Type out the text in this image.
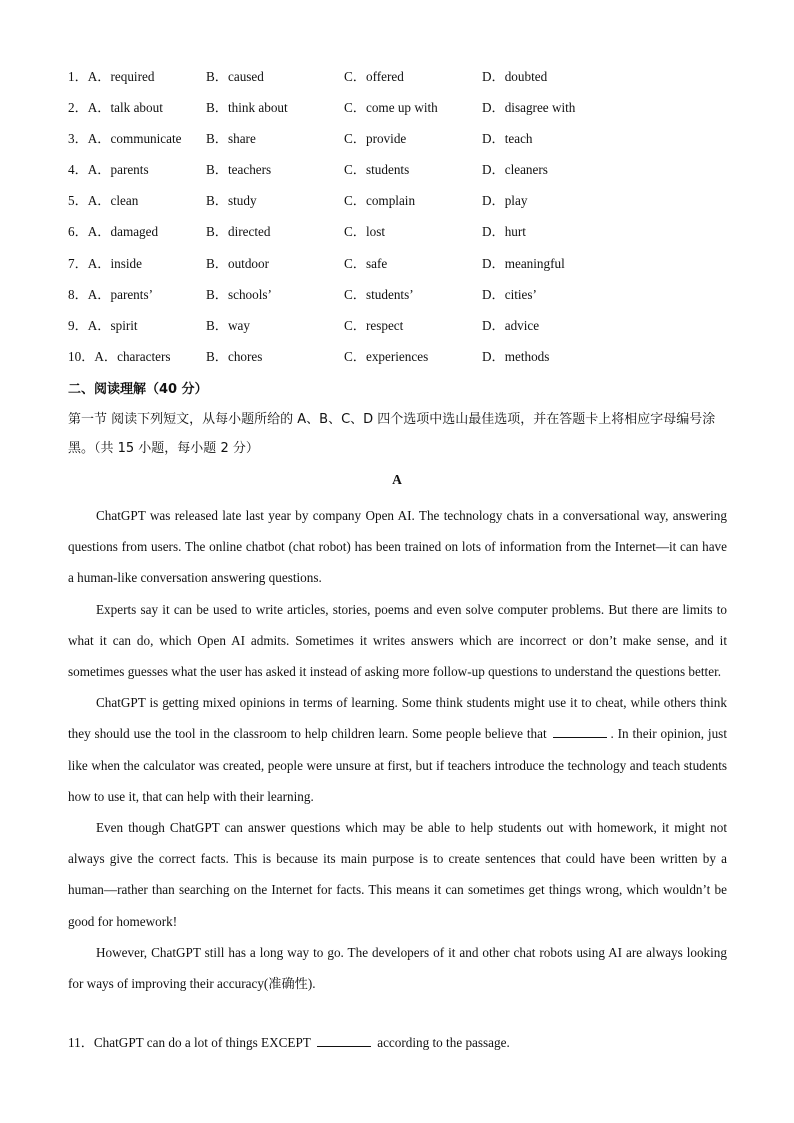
1．A．required	B．caused	C．offered	D．doubted
2．A．talk about	B．think about	C．come up with	D．disagree with
3．A．communicate	B．share	C．provide	D．teach
4．A．parents	B．teachers	C．students	D．cleaners
5．A．clean	B．study	C．complain	D．play
6．A．damaged	B．directed	C．lost	D．hurt
7．A．inside	B．outdoor	C．safe	D．meaningful
8．A．parents’	B．schools’	C．students’	D．cities’
9．A．spirit	B．way	C．respect	D．advice
10．A．characters	B．chores	C．experiences	D．methods
二、阅读理解（40 分）
第一节 阅读下列短文，从每小题所给的 A、B、C、D 四个选项中选山最佳选项，并在答题卡上将相应字母编号涂黑。（共 15 小题，每小题 2 分）
A

ChatGPT was released late last year by company Open AI. The technology chats in a conversational way, answering questions from users. The online chatbot (chat robot) has been trained on lots of information from the Internet—it can have a human-like conversation answering questions.

Experts say it can be used to write articles, stories, poems and even solve computer problems. But there are limits to what it can do, which Open AI admits. Sometimes it writes answers which are incorrect or don’t make sense, and it sometimes guesses what the user has asked it instead of asking more follow-up questions to understand the questions better.

ChatGPT is getting mixed opinions in terms of learning. Some think students might use it to cheat, while others think they should use the tool in the classroom to help children learn. Some people believe that	. In their opinion, just like when the calculator was created, people were unsure at first, but if teachers introduce the technology and teach students how to use it, that can help with their learning.

Even though ChatGPT can answer questions which may be able to help students out with homework, it might not always give the correct facts. This is because its main purpose is to create sentences that could have been written by a human—rather than searching on the Internet for facts. This means it can sometimes get things wrong, which wouldn’t be good for homework!

However, ChatGPT still has a long way to go. The developers of it and other chat robots using AI are always looking for ways of improving their accuracy(准确性).

11．ChatGPT can do a lot of things EXCEPT	according to the passage.
